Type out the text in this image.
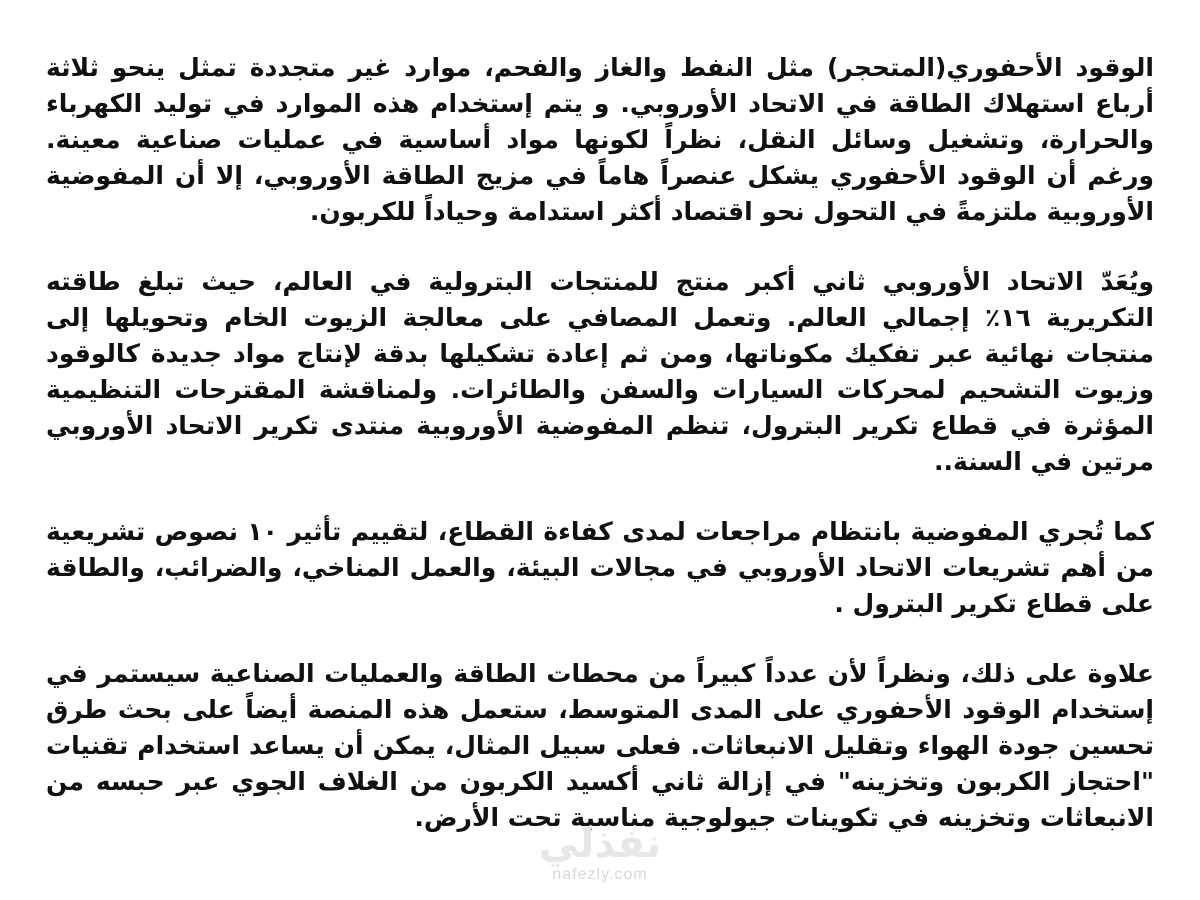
الوقود الأحفوري(المتحجر) مثل النفط والغاز والفحم، موارد غير متجددة تمثل ينحو ثلاثة أرباع استهلاك الطاقة في الاتحاد الأوروبي. و يتم إستخدام هذه الموارد في توليد الكهرباء والحرارة، وتشغيل وسائل النقل، نظراً لكونها مواد أساسية في عمليات صناعية معينة. ورغم أن الوقود الأحفوري يشكل عنصراً هاماً في مزيج الطاقة الأوروبي، إلا أن المفوضية الأوروبية ملتزمةً في التحول نحو اقتصاد أكثر استدامة وحياداً للكربون.

ويُعَدّ الاتحاد الأوروبي ثاني أكبر منتج للمنتجات البترولية في العالم، حيث تبلغ طاقته التكريرية ١٦٪ إجمالي العالم. وتعمل المصافي على معالجة الزيوت الخام وتحويلها إلى منتجات نهائية عبر تفكيك مكوناتها، ومن ثم إعادة تشكيلها بدقة لإنتاج مواد جديدة كالوقود وزيوت التشحيم لمحركات السيارات والسفن والطائرات. ولمناقشة المقترحات التنظيمية المؤثرة في قطاع تكرير البترول، تنظم المفوضية الأوروبية منتدى تكرير الاتحاد الأوروبي مرتين في السنة..

كما تُجري المفوضية بانتظام مراجعات لمدى كفاءة القطاع، لتقييم تأثير ١٠ نصوص تشريعية من أهم تشريعات الاتحاد الأوروبي في مجالات البيئة، والعمل المناخي، والضرائب، والطاقة على قطاع تكرير البترول .

علاوة على ذلك، ونظراً لأن عدداً كبيراً من محطات الطاقة والعمليات الصناعية سيستمر في إستخدام الوقود الأحفوري على المدى المتوسط، ستعمل هذه المنصة أيضاً على بحث طرق تحسين جودة الهواء وتقليل الانبعاثات. فعلى سبيل المثال، يمكن أن يساعد استخدام تقنيات "احتجاز الكربون وتخزينه" في إزالة ثاني أكسيد الكربون من الغلاف الجوي عبر حبسه من الانبعاثات وتخزينه في تكوينات جيولوجية مناسبة تحت الأرض.

نفذلي
nafezly.com
